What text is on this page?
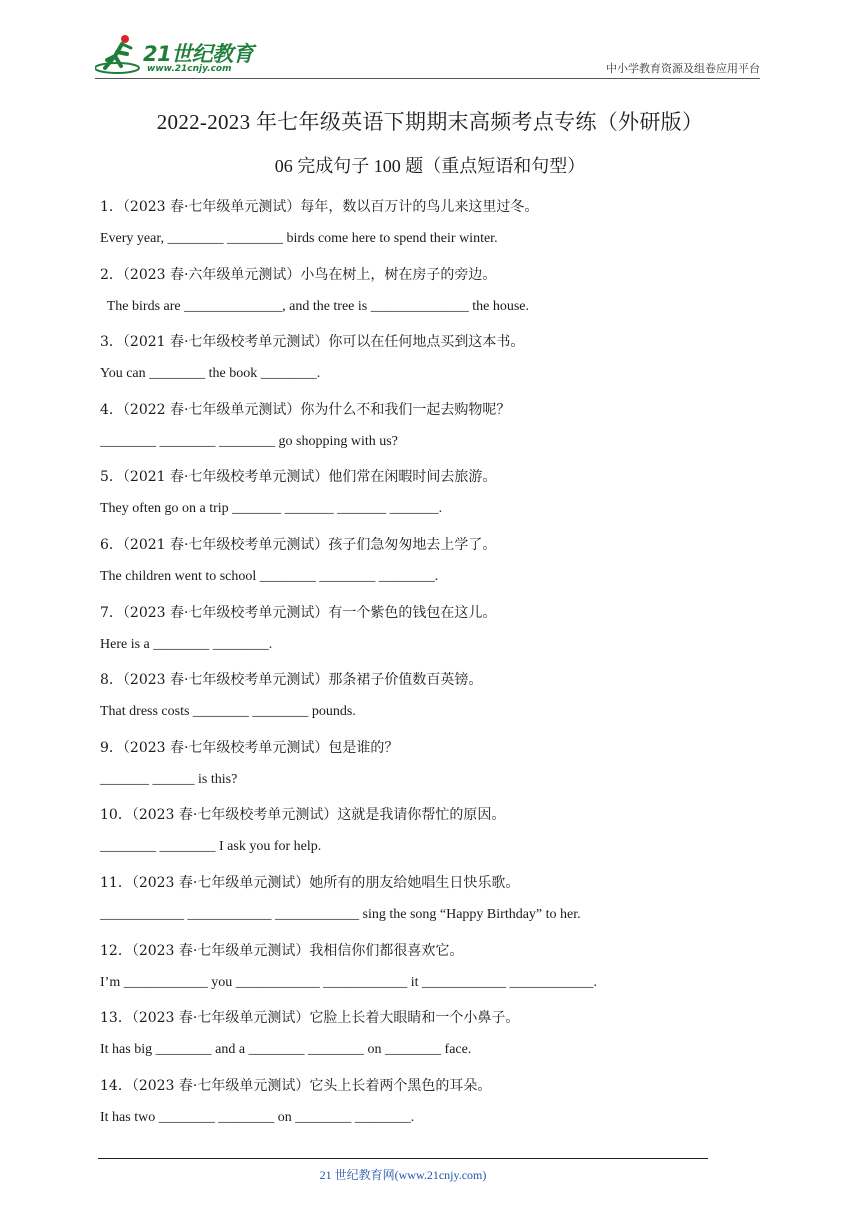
21世纪教育
www.21cnjy.com	中小学教育资源及组卷应用平台
2022-2023 年七年级英语下期期末高频考点专练（外研版）
06 完成句子 100 题（重点短语和句型）
1．（2023 春·七年级单元测试）每年，数以百万计的鸟儿来这里过冬。
Every year, ________ ________ birds come here to spend their winter.
2．（2023 春·六年级单元测试）小鸟在树上，树在房子的旁边。
The birds are ______________, and the tree is ______________ the house.
3．（2021 春·七年级校考单元测试）你可以在任何地点买到这本书。
You can ________ the book ________.
4．（2022 春·七年级单元测试）你为什么不和我们一起去购物呢？
________ ________ ________ go shopping with us?
5．（2021 春·七年级校考单元测试）他们常在闲暇时间去旅游。
They often go on a trip _______ _______ _______ _______.
6．（2021 春·七年级校考单元测试）孩子们急匆匆地去上学了。
The children went to school ________ ________ ________.
7．（2023 春·七年级校考单元测试）有一个紫色的钱包在这儿。
Here is a ________ ________.
8．（2023 春·七年级校考单元测试）那条裙子价值数百英镑。
That dress costs ________ ________ pounds.
9．（2023 春·七年级校考单元测试）包是谁的？
_______ ______ is this?
10．（2023 春·七年级校考单元测试）这就是我请你帮忙的原因。
________ ________ I ask you for help.
11．（2023 春·七年级单元测试）她所有的朋友给她唱生日快乐歌。
____________ ____________ ____________ sing the song “Happy Birthday” to her.
12．（2023 春·七年级单元测试）我相信你们都很喜欢它。
I’m ____________ you ____________ ____________ it ____________ ____________.
13．（2023 春·七年级单元测试）它脸上长着大眼睛和一个小鼻子。
It has big ________ and a ________ ________ on ________ face.
14．（2023 春·七年级单元测试）它头上长着两个黑色的耳朵。
It has two ________ ________ on ________ ________.
21 世纪教育网(www.21cnjy.com)
